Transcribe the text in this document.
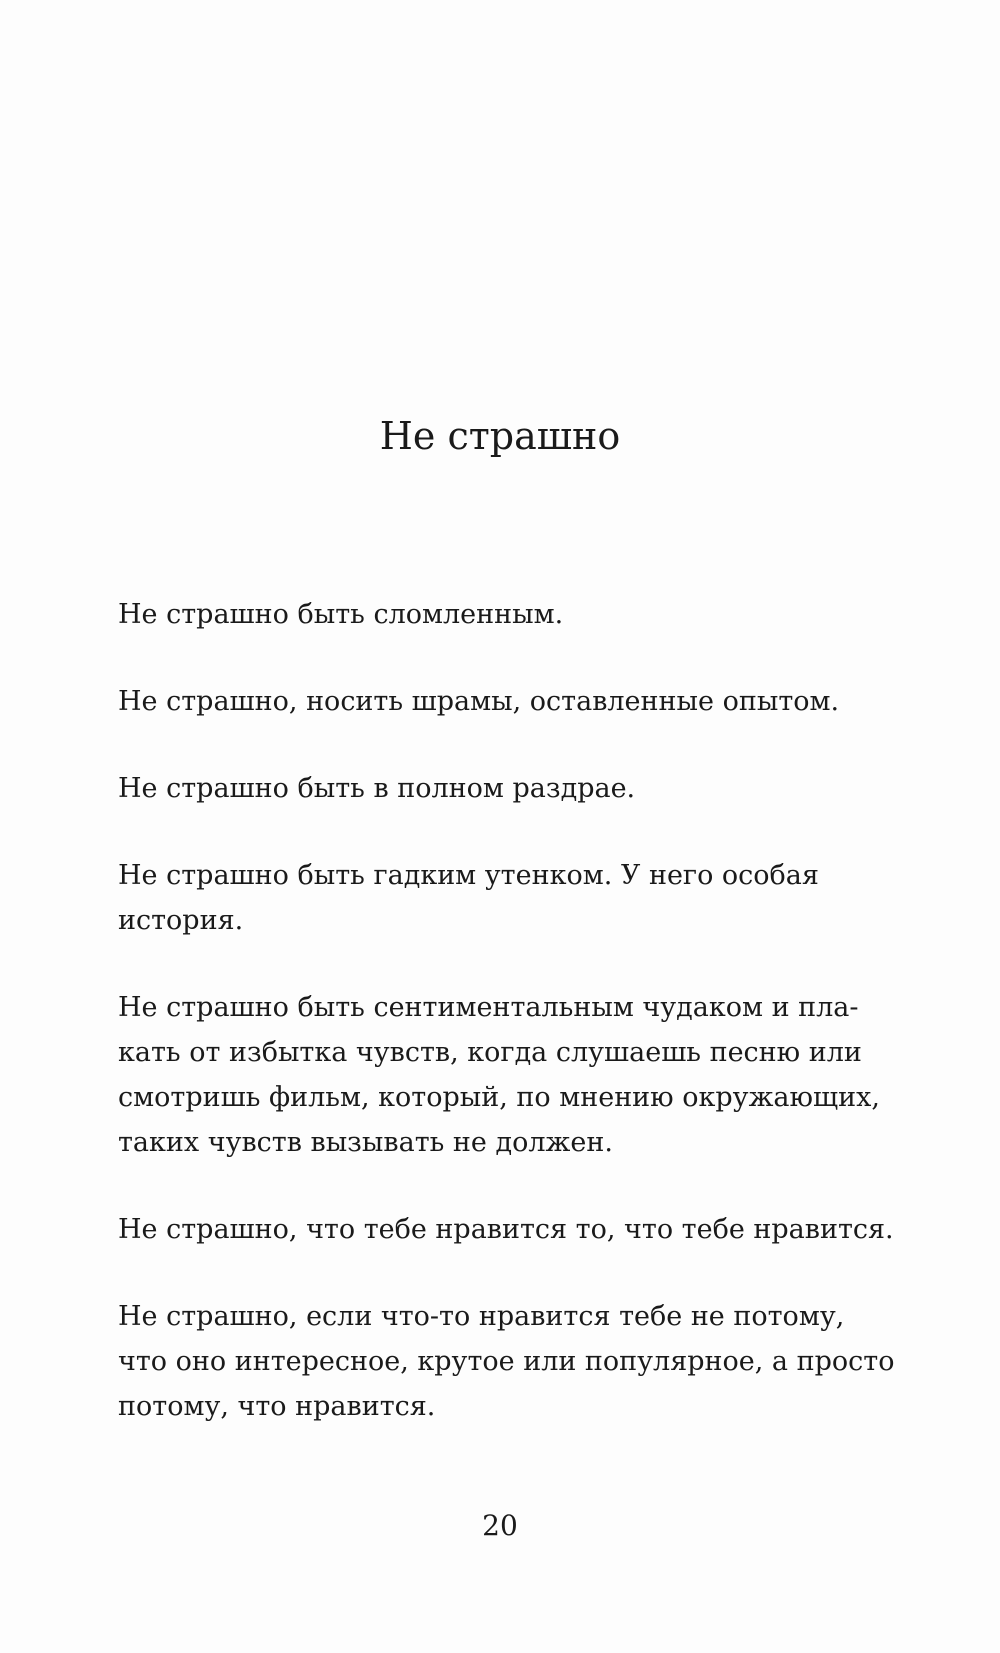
Не страшно

Не страшно быть сломленным.

Не страшно, носить шрамы, оставленные опытом.

Не страшно быть в полном раздрае.

Не страшно быть гадким утенком. У него особая
история.

Не страшно быть сентиментальным чудаком и пла-
кать от избытка чувств, когда слушаешь песню или
смотришь фильм, который, по мнению окружающих,
таких чувств вызывать не должен.

Не страшно, что тебе нравится то, что тебе нравится.

Не страшно, если что-то нравится тебе не потому,
что оно интересное, крутое или популярное, а просто
потому, что нравится.

20
